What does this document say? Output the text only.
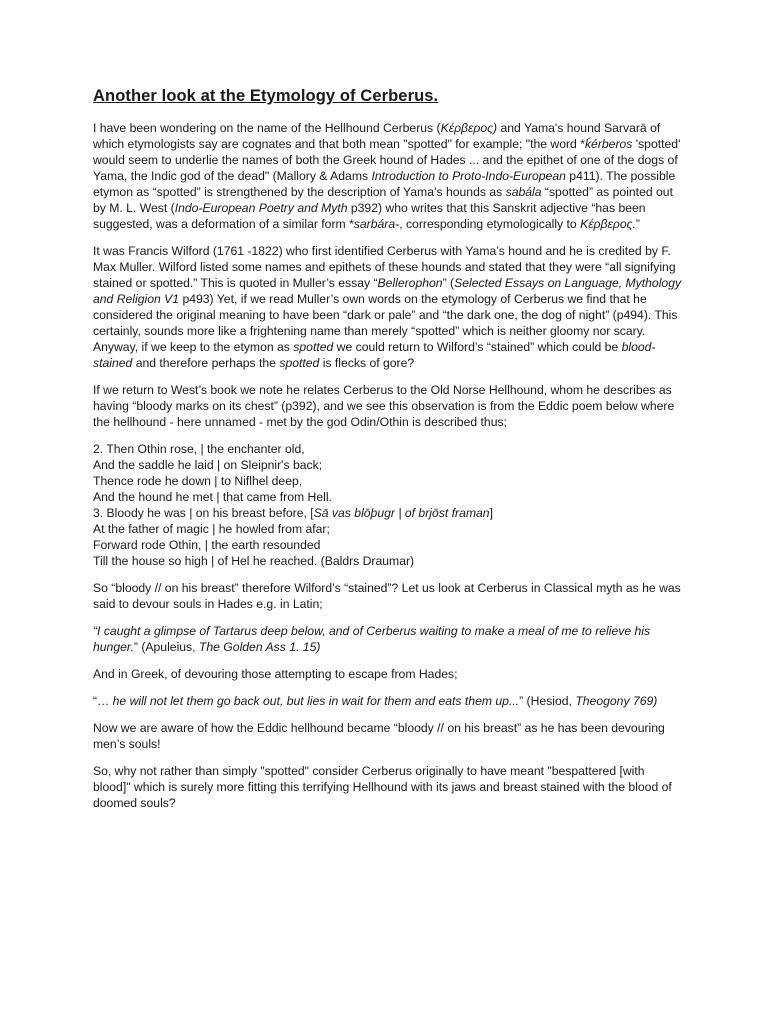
Another look at the Etymology of Cerberus.

I have been wondering on the name of the Hellhound Cerberus (Κέρβερος) and Yama's hound Sarvarā of which etymologists say are cognates and that both mean "spotted" for example; "the word *ḱérberos 'spotted' would seem to underlie the names of both the Greek hound of Hades ... and the epithet of one of the dogs of Yama, the Indic god of the dead" (Mallory & Adams Introduction to Proto-Indo-European p411). The possible etymon as “spotted” is strengthened by the description of Yama’s hounds as sabála “spotted” as pointed out by M. L. West (Indo-European Poetry and Myth p392) who writes that this Sanskrit adjective “has been suggested, was a deformation of a similar form *sarbára-, corresponding etymologically to Κέρβερος.”

It was Francis Wilford (1761 -1822) who first identified Cerberus with Yama’s hound and he is credited by F. Max Muller. Wilford listed some names and epithets of these hounds and stated that they were “all signifying stained or spotted.” This is quoted in Muller’s essay “Bellerophon” (Selected Essays on Language, Mythology and Religion V1 p493) Yet, if we read Muller’s own words on the etymology of Cerberus we find that he considered the original meaning to have been “dark or pale” and “the dark one, the dog of night” (p494). This certainly, sounds more like a frightening name than merely “spotted” which is neither gloomy nor scary. Anyway, if we keep to the etymon as spotted we could return to Wilford’s “stained” which could be blood-stained and therefore perhaps the spotted is flecks of gore?

If we return to West’s book we note he relates Cerberus to the Old Norse Hellhound, whom he describes as having “bloody marks on its chest” (p392), and we see this observation is from the Eddic poem below where the hellhound - here unnamed - met by the god Odin/Othin is described thus;

2. Then Othin rose, | the enchanter old,
And the saddle he laid | on Sleipnir's back;
Thence rode he down | to Niflhel deep,
And the hound he met | that came from Hell.
3. Bloody he was | on his breast before, [Sā vas blōþugr | of brjōst framan]
At the father of magic | he howled from afar;
Forward rode Othin, | the earth resounded
Till the house so high | of Hel he reached. (Baldrs Draumar)

So “bloody // on his breast” therefore Wilford’s “stained”? Let us look at Cerberus in Classical myth as he was said to devour souls in Hades e.g. in Latin;

“I caught a glimpse of Tartarus deep below, and of Cerberus waiting to make a meal of me to relieve his hunger.” (Apuleius, The Golden Ass 1. 15)

And in Greek, of devouring those attempting to escape from Hades;

“… he will not let them go back out, but lies in wait for them and eats them up...” (Hesiod, Theogony 769)

Now we are aware of how the Eddic hellhound became “bloody // on his breast” as he has been devouring men’s souls!

So, why not rather than simply "spotted" consider Cerberus originally to have meant "bespattered [with blood]" which is surely more fitting this terrifying Hellhound with its jaws and breast stained with the blood of doomed souls?
